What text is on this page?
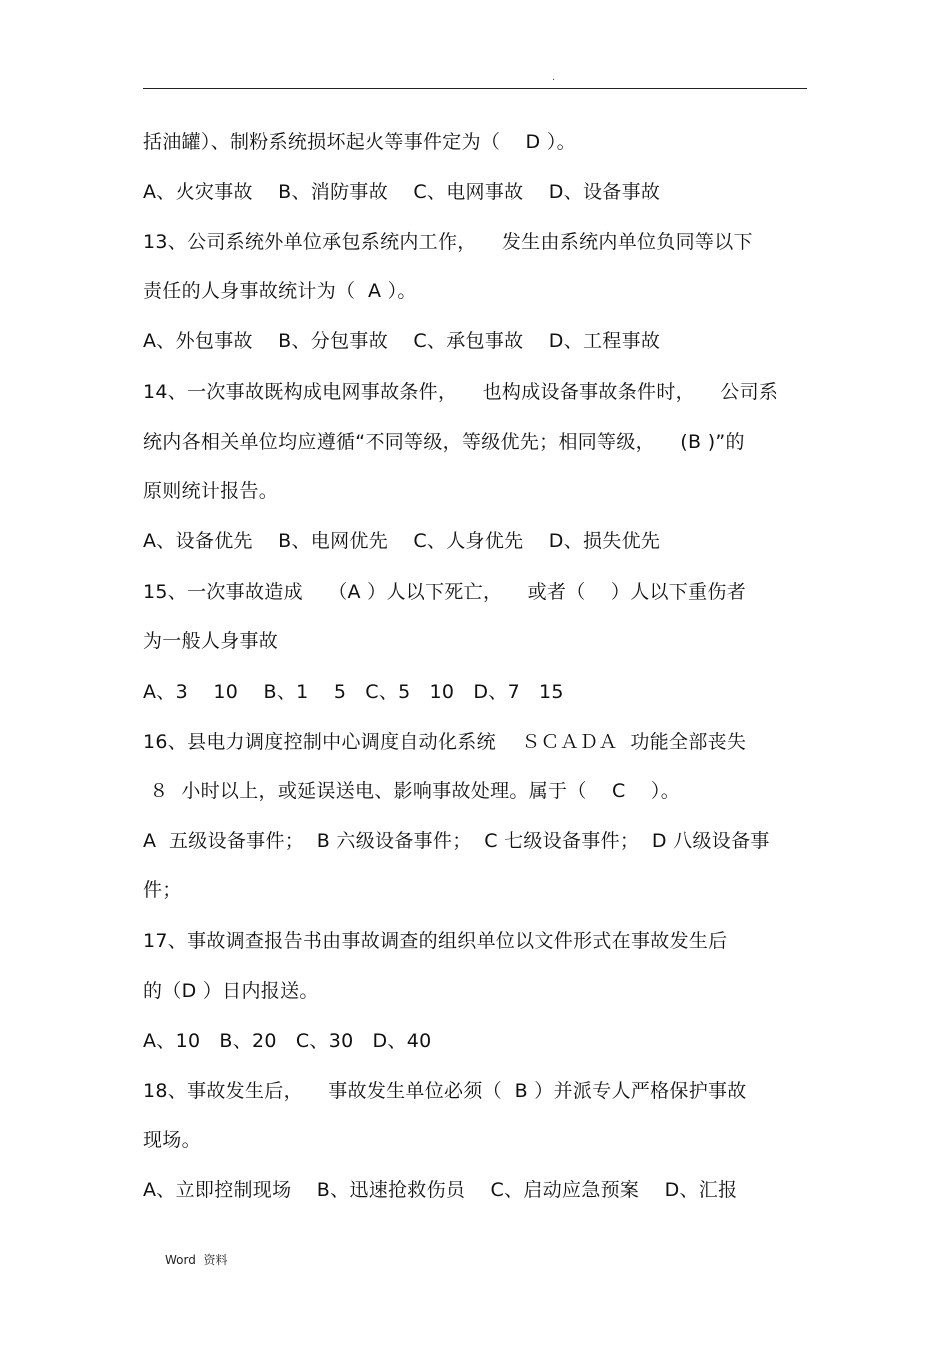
.
括油罐）、制粉系统损坏起火等事件定为（    D ）。
A、火灾事故    B、消防事故    C、电网事故    D、设备事故
13、公司系统外单位承包系统内工作，    发生由系统内单位负同等以下
责任的人身事故统计为（  A ）。
A、外包事故    B、分包事故    C、承包事故    D、工程事故
14、一次事故既构成电网事故条件，    也构成设备事故条件时，    公司系
统内各相关单位均应遵循“不同等级，等级优先；相同等级，    (B )”的
原则统计报告。
A、设备优先    B、电网优先    C、人身优先    D、损失优先
15、一次事故造成    （A ）人以下死亡，    或者（    ）人以下重伤者
为一般人身事故
A、3    10    B、1    5   C、5   10   D、7   15
16、县电力调度控制中心调度自动化系统    ＳＣＡＤＡ  功能全部丧失
８  小时以上，或延误送电、影响事故处理。属于（    C    ）。
A  五级设备事件；  B 六级设备事件；  C 七级设备事件；  D 八级设备事
件；
17、事故调查报告书由事故调查的组织单位以文件形式在事故发生后
的（D ）日内报送。
A、10   B、20   C、30   D、40
18、事故发生后，    事故发生单位必须（  B ）并派专人严格保护事故
现场。
A、立即控制现场    B、迅速抢救伤员    C、启动应急预案    D、汇报
Word  资料
